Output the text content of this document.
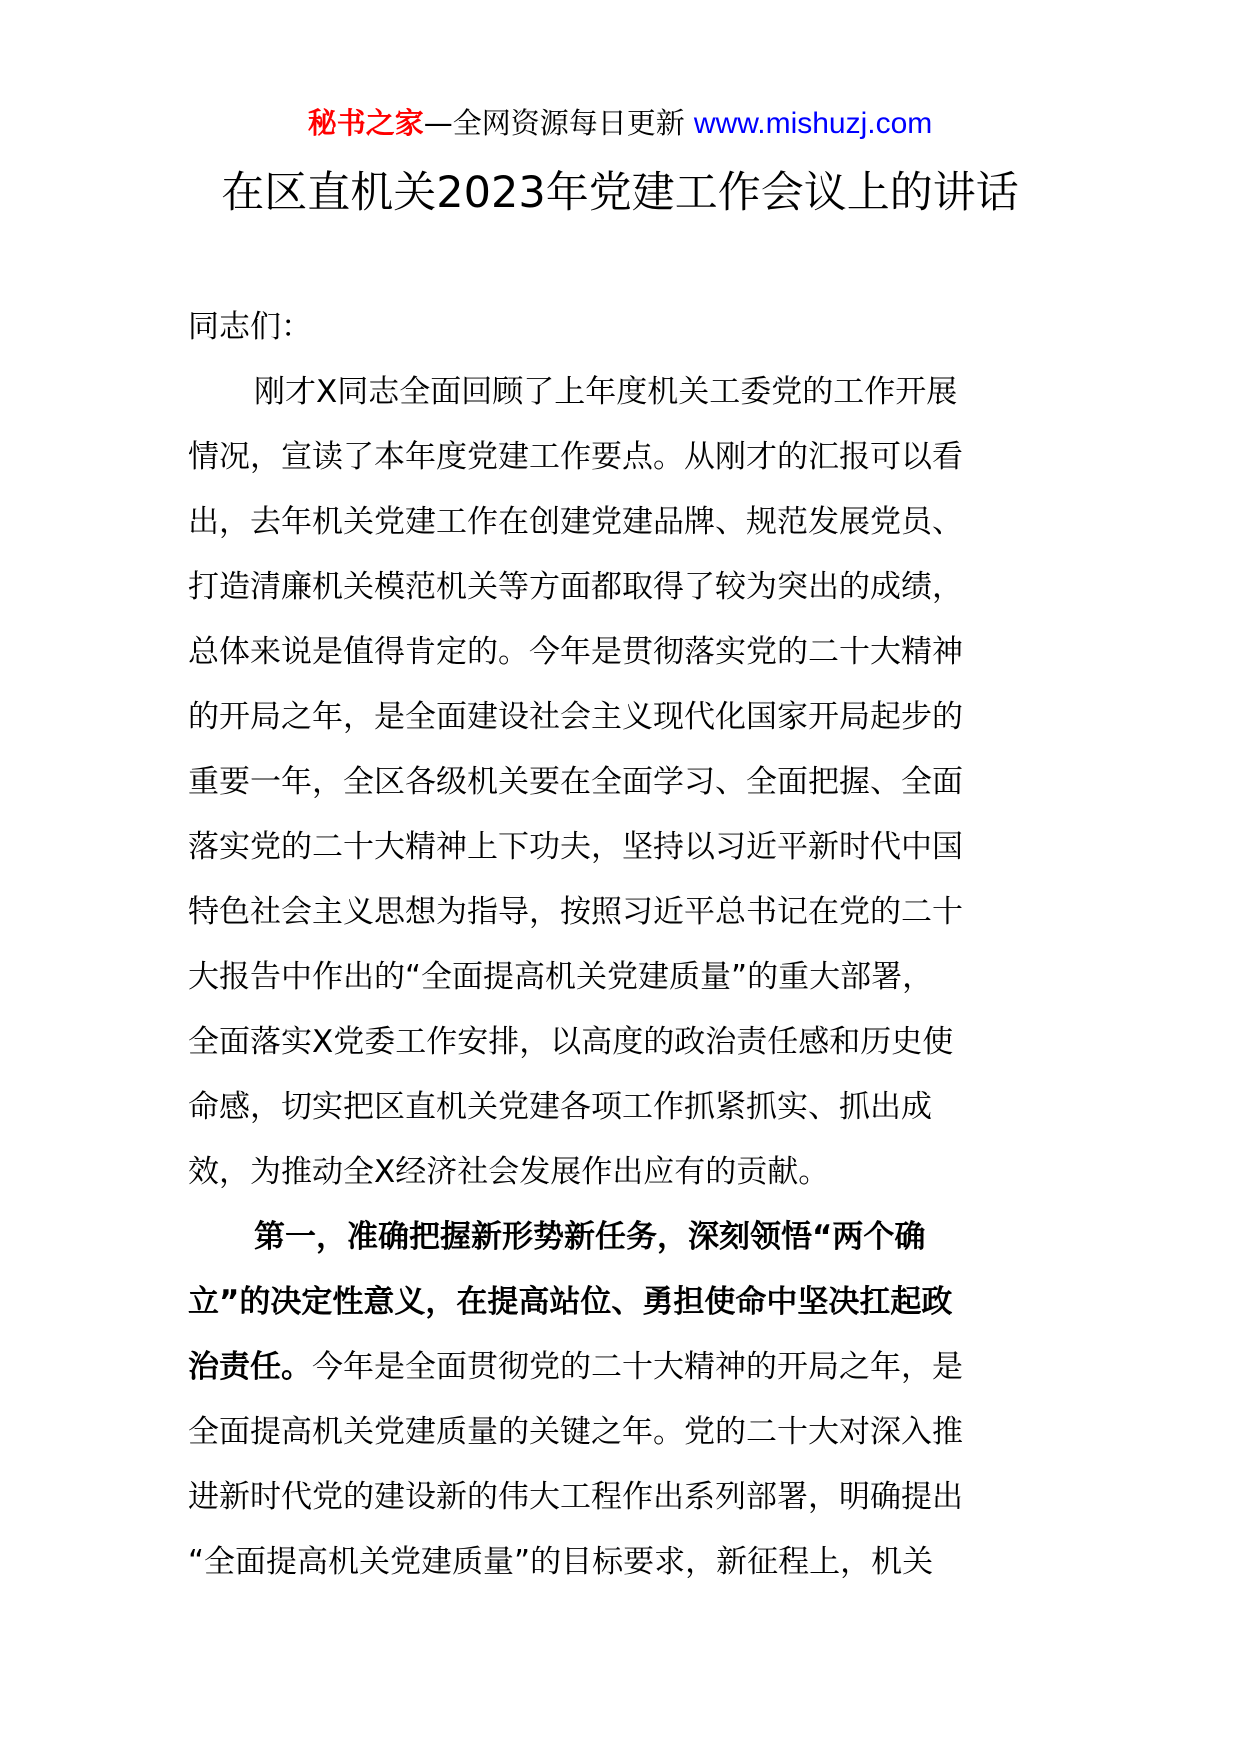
秘书之家—全网资源每日更新 www.mishuzj.com
在区直机关2023年党建工作会议上的讲话
同志们：
刚才X同志全面回顾了上年度机关工委党的工作开展
情况，宣读了本年度党建工作要点。从刚才的汇报可以看
出，去年机关党建工作在创建党建品牌、规范发展党员、
打造清廉机关模范机关等方面都取得了较为突出的成绩，
总体来说是值得肯定的。今年是贯彻落实党的二十大精神
的开局之年，是全面建设社会主义现代化国家开局起步的
重要一年，全区各级机关要在全面学习、全面把握、全面
落实党的二十大精神上下功夫，坚持以习近平新时代中国
特色社会主义思想为指导，按照习近平总书记在党的二十
大报告中作出的“全面提高机关党建质量”的重大部署，
全面落实X党委工作安排，以高度的政治责任感和历史使
命感，切实把区直机关党建各项工作抓紧抓实、抓出成
效，为推动全X经济社会发展作出应有的贡献。
第一，准确把握新形势新任务，深刻领悟“两个确
立”的决定性意义，在提高站位、勇担使命中坚决扛起政
治责任。今年是全面贯彻党的二十大精神的开局之年，是
全面提高机关党建质量的关键之年。党的二十大对深入推
进新时代党的建设新的伟大工程作出系列部署，明确提出
“全面提高机关党建质量”的目标要求，新征程上，机关
